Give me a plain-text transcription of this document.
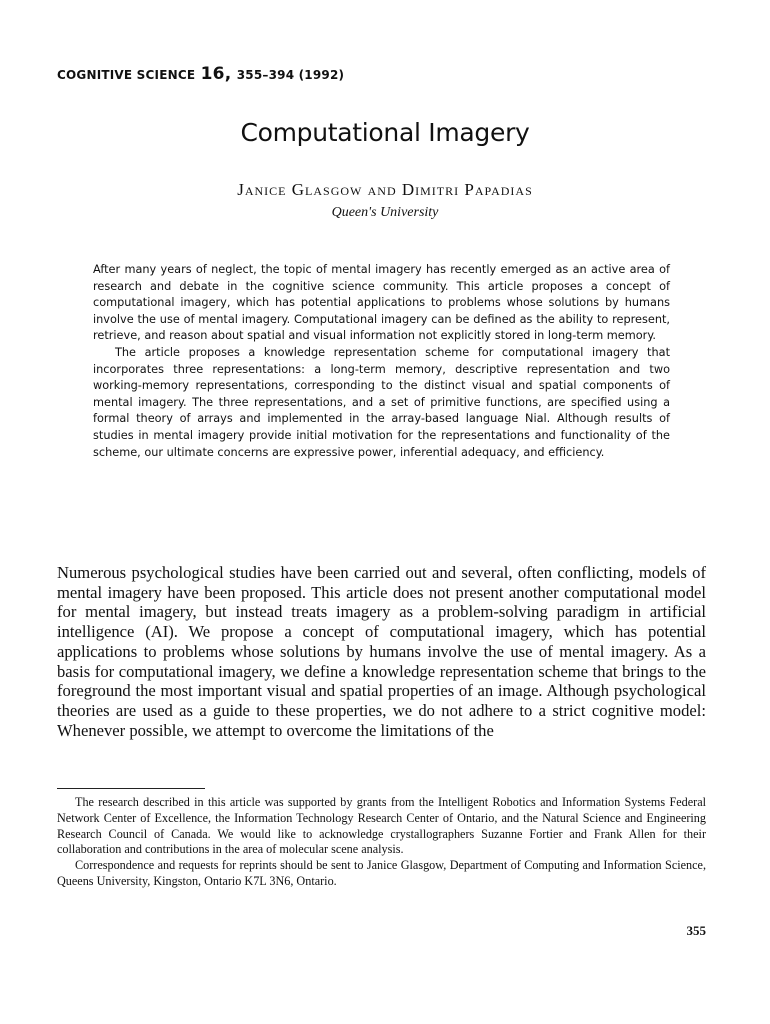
COGNITIVE SCIENCE 16, 355–394 (1992)
Computational Imagery
Janice Glasgow and Dimitri Papadias
Queen's University

After many years of neglect, the topic of mental imagery has recently emerged as an active area of research and debate in the cognitive science community. This article proposes a concept of computational imagery, which has potential applications to problems whose solutions by humans involve the use of mental imagery. Computational imagery can be defined as the ability to represent, retrieve, and reason about spatial and visual information not explicitly stored in long-term memory.

The article proposes a knowledge representation scheme for computational imagery that incorporates three representations: a long-term memory, descriptive representation and two working-memory representations, corresponding to the distinct visual and spatial components of mental imagery. The three representations, and a set of primitive functions, are specified using a formal theory of arrays and implemented in the array-based language Nial. Although results of studies in mental imagery provide initial motivation for the representations and functionality of the scheme, our ultimate concerns are expressive power, inferential adequacy, and efficiency.

Numerous psychological studies have been carried out and several, often conflicting, models of mental imagery have been proposed. This article does not present another computational model for mental imagery, but instead treats imagery as a problem-solving paradigm in artificial intelligence (AI). We propose a concept of computational imagery, which has potential applications to problems whose solutions by humans involve the use of mental imagery. As a basis for computational imagery, we define a knowledge representation scheme that brings to the foreground the most important visual and spatial properties of an image. Although psychological theories are used as a guide to these properties, we do not adhere to a strict cognitive model: Whenever possible, we attempt to overcome the limitations of the

The research described in this article was supported by grants from the Intelligent Robotics and Information Systems Federal Network Center of Excellence, the Information Technology Research Center of Ontario, and the Natural Science and Engineering Research Council of Canada. We would like to acknowledge crystallographers Suzanne Fortier and Frank Allen for their collaboration and contributions in the area of molecular scene analysis.

Correspondence and requests for reprints should be sent to Janice Glasgow, Department of Computing and Information Science, Queens University, Kingston, Ontario K7L 3N6, Ontario.

355
